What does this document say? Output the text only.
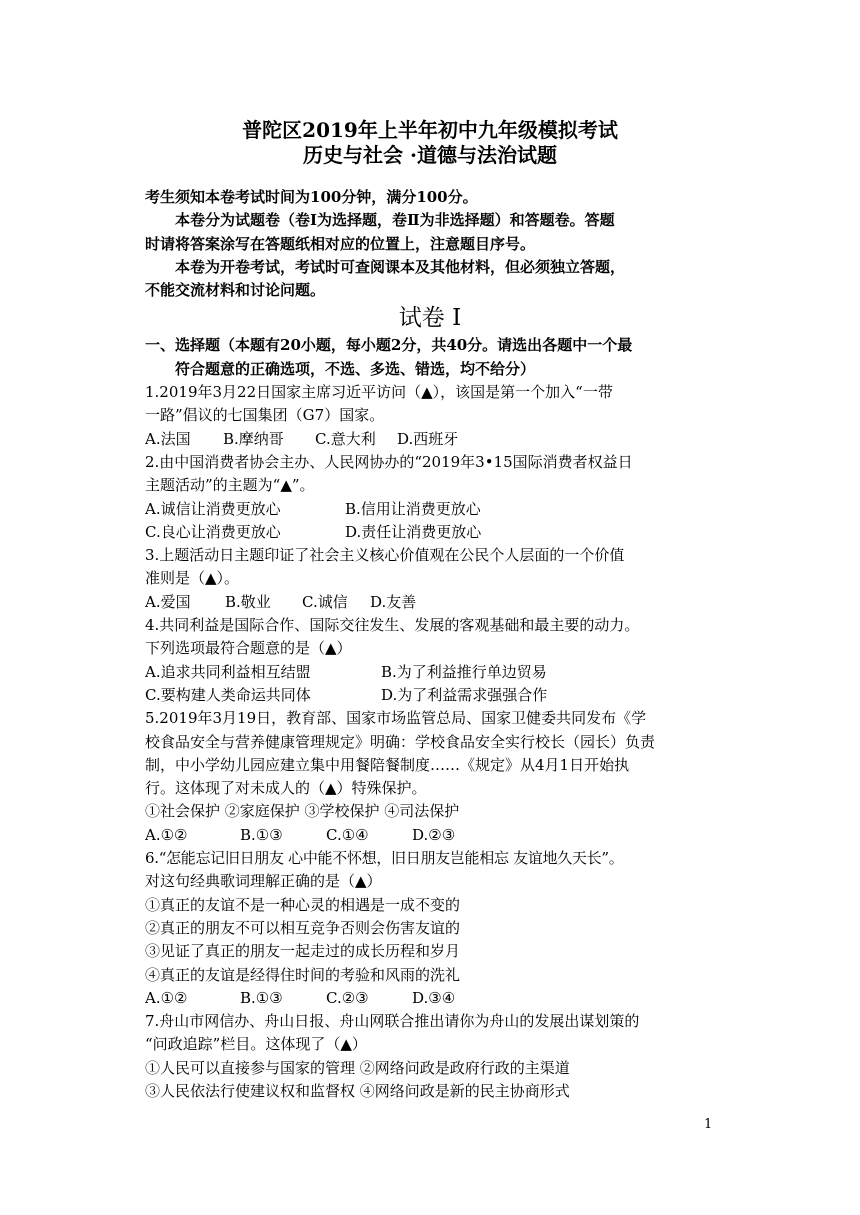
普陀区2019年上半年初中九年级模拟考试
历史与社会 ·道德与法治试题
考生须知本卷考试时间为100分钟，满分100分。
本卷分为试题卷（卷Ⅰ为选择题，卷Ⅱ为非选择题）和答题卷。答题
时请将答案涂写在答题纸相对应的位置上，注意题目序号。
本卷为开卷考试，考试时可查阅课本及其他材料，但必须独立答题，
不能交流材料和讨论问题。
试卷 Ⅰ
一、选择题（本题有20小题，每小题2分，共40分。请选出各题中一个最
符合题意的正确选项，不选、多选、错选，均不给分）
1.2019年3月22日国家主席习近平访问（▲），该国是第一个加入“一带
一路”倡议的七国集团（G7）国家。
A.法国 B.摩纳哥 C.意大利 D.西班牙
2.由中国消费者协会主办、人民网协办的“2019年3•15国际消费者权益日
主题活动”的主题为“▲”。
A.诚信让消费更放心	B.信用让消费更放心
C.良心让消费更放心	D.责任让消费更放心
3.上题活动日主题印证了社会主义核心价值观在公民个人层面的一个价值
准则是（▲）。
A.爱国 B.敬业 C.诚信 D.友善
4.共同利益是国际合作、国际交往发生、发展的客观基础和最主要的动力。
下列选项最符合题意的是（▲）
A.追求共同利益相互结盟	B.为了利益推行单边贸易
C.要构建人类命运共同体	D.为了利益需求强强合作
5.2019年3月19日，教育部、国家市场监管总局、国家卫健委共同发布《学
校食品安全与营养健康管理规定》明确：学校食品安全实行校长（园长）负责
制，中小学幼儿园应建立集中用餐陪餐制度……《规定》从4月1日开始执
行。这体现了对未成人的（▲）特殊保护。
①社会保护 ②家庭保护 ③学校保护 ④司法保护
A.①②	B.①③	C.①④	D.②③
6.“怎能忘记旧日朋友 心中能不怀想，旧日朋友岂能相忘 友谊地久天长”。
对这句经典歌词理解正确的是（▲）
①真正的友谊不是一种心灵的相遇是一成不变的
②真正的朋友不可以相互竞争否则会伤害友谊的
③见证了真正的朋友一起走过的成长历程和岁月
④真正的友谊是经得住时间的考验和风雨的洗礼
A.①②	B.①③	C.②③	D.③④
7.舟山市网信办、舟山日报、舟山网联合推出请你为舟山的发展出谋划策的
“问政追踪”栏目。这体现了（▲）
①人民可以直接参与国家的管理 ②网络问政是政府行政的主渠道
③人民依法行使建议权和监督权 ④网络问政是新的民主协商形式
1
